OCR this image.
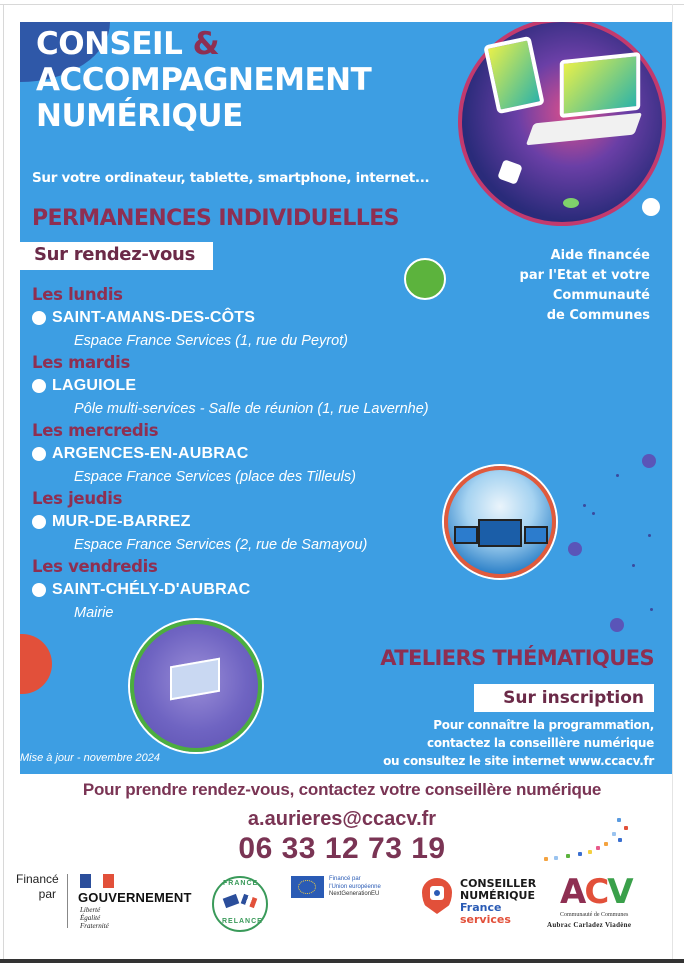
CONSEIL &
ACCOMPAGNEMENT
NUMÉRIQUE
Sur votre ordinateur, tablette, smartphone, internet...
PERMANENCES INDIVIDUELLES
Sur rendez-vous	Aide financée
par l'Etat et votre
Communauté
de Communes
Les lundis
SAINT-AMANS-DES-CÔTS
Espace France Services (1, rue du Peyrot)
Les mardis
LAGUIOLE
Pôle multi-services - Salle de réunion (1, rue Lavernhe)
Les mercredis
ARGENCES-EN-AUBRAC
Espace France Services (place des Tilleuls)
Les jeudis
MUR-DE-BARREZ
Espace France Services (2, rue de Samayou)
Les vendredis
SAINT-CHÉLY-D'AUBRAC
Mairie
ATELIERS THÉMATIQUES
Sur inscription
Pour connaître la programmation,
contactez la conseillère numérique
ou consultez le site internet www.ccacv.fr
Mise à jour - novembre 2024
Pour prendre rendez-vous, contactez votre conseillère numérique
a.aurieres@ccacv.fr
06 33 12 73 19
Financé
par GOUVERNEMENT
Liberté
Égalité
Fraternité
FRANCE
RELANCE
Financé par
l'Union européenne
NextGenerationEU
CONSEILLER
NUMÉRIQUE
France
services
ACV
Communauté de Communes
Aubrac Carladez Viadène
